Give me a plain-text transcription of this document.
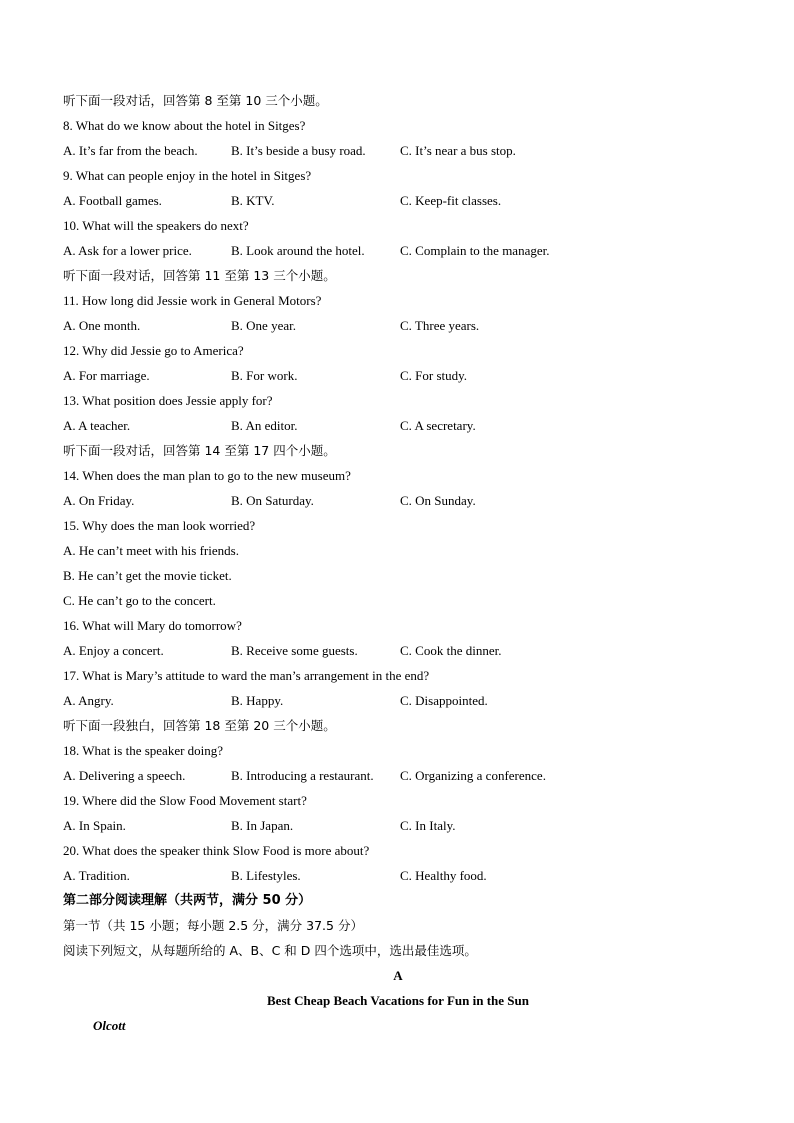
听下面一段对话，回答第 8 至第 10 三个小题。
8. What do we know about the hotel in Sitges?
A. It’s far from the beach.	B. It’s beside a busy road.	C. It’s near a bus stop.
9. What can people enjoy in the hotel in Sitges?
A. Football games.	B. KTV.	C. Keep-fit classes.
10. What will the speakers do next?
A. Ask for a lower price.	B. Look around the hotel.	C. Complain to the manager.
听下面一段对话，回答第 11 至第 13 三个小题。
11. How long did Jessie work in General Motors?
A. One month.	B. One year.	C. Three years.
12. Why did Jessie go to America?
A. For marriage.	B. For work.	C. For study.
13. What position does Jessie apply for?
A. A teacher.	B. An editor.	C. A secretary.
听下面一段对话，回答第 14 至第 17 四个小题。
14. When does the man plan to go to the new museum?
A. On Friday.	B. On Saturday.	C. On Sunday.
15. Why does the man look worried?
A. He can’t meet with his friends.
B. He can’t get the movie ticket.
C. He can’t go to the concert.
16. What will Mary do tomorrow?
A. Enjoy a concert.	B. Receive some guests.	C. Cook the dinner.
17. What is Mary’s attitude to ward the man’s arrangement in the end?
A. Angry.	B. Happy.	C. Disappointed.
听下面一段独白，回答第 18 至第 20 三个小题。
18. What is the speaker doing?
A. Delivering a speech.	B. Introducing a restaurant. C. Organizing a conference.
19. Where did the Slow Food Movement start?
A. In Spain.	B. In Japan.	C. In Italy.
20. What does the speaker think Slow Food is more about?
A. Tradition.	B. Lifestyles.	C. Healthy food.
第二部分阅读理解（共两节，满分 50 分）
第一节（共 15 小题；每小题 2.5 分，满分 37.5 分）
阅读下列短文，从每题所给的 A、B、C 和 D 四个选项中，选出最佳选项。
A
Best Cheap Beach Vacations for Fun in the Sun
Olcott
